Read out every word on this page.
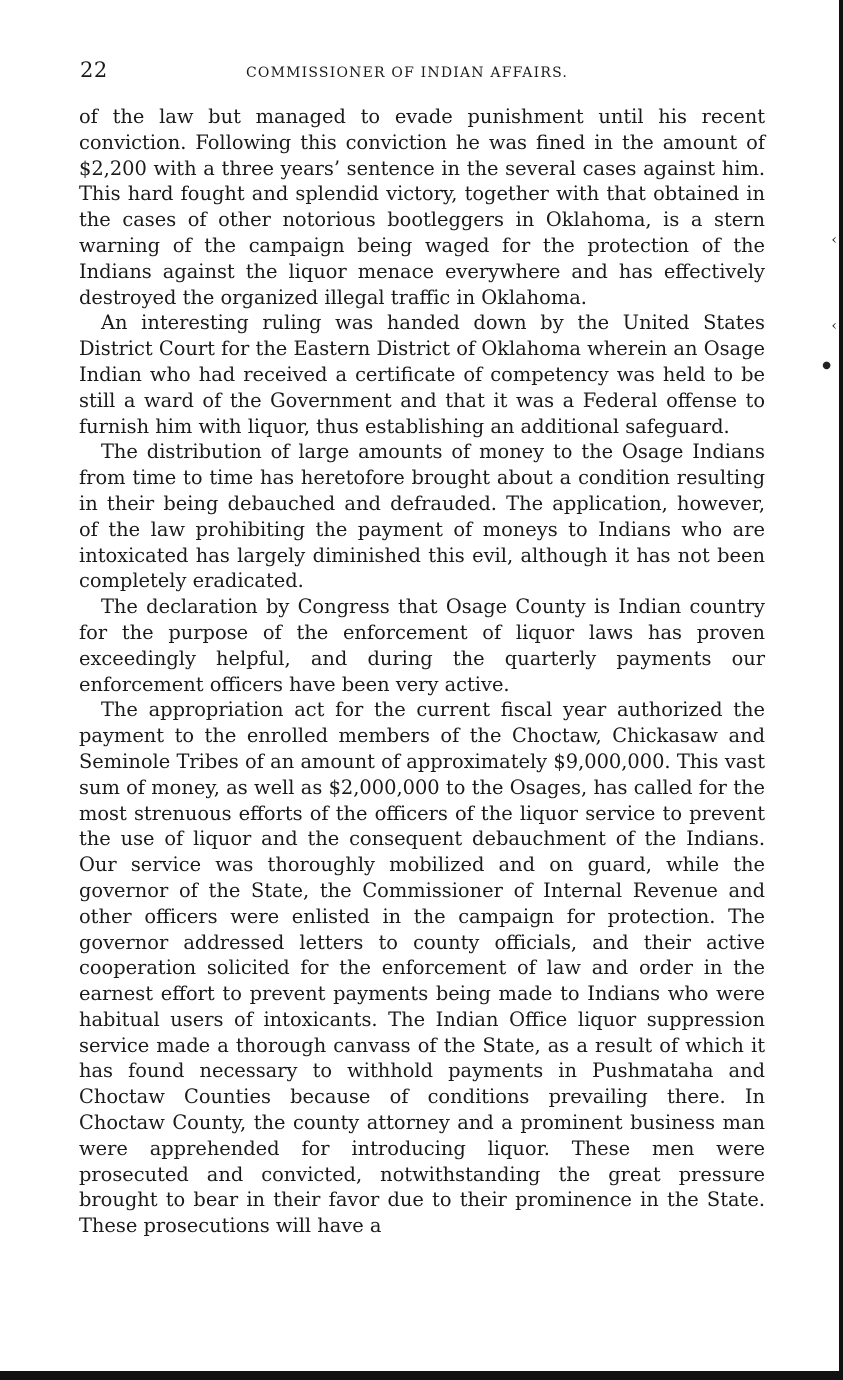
22	COMMISSIONER OF INDIAN AFFAIRS.

of the law but managed to evade punishment until his recent conviction. Following this conviction he was fined in the amount of $2,200 with a three years’ sentence in the several cases against him. This hard fought and splendid victory, together with that obtained in the cases of other notorious bootleggers in Oklahoma, is a stern warning of the campaign being waged for the protection of the Indians against the liquor menace everywhere and has effectively destroyed the organized illegal traffic in Oklahoma.

An interesting ruling was handed down by the United States District Court for the Eastern District of Oklahoma wherein an Osage Indian who had received a certificate of competency was held to be still a ward of the Government and that it was a Federal offense to furnish him with liquor, thus establishing an additional safeguard.

The distribution of large amounts of money to the Osage Indians from time to time has heretofore brought about a condition resulting in their being debauched and defrauded. The application, however, of the law prohibiting the payment of moneys to Indians who are intoxicated has largely diminished this evil, although it has not been completely eradicated.

The declaration by Congress that Osage County is Indian country for the purpose of the enforcement of liquor laws has proven exceedingly helpful, and during the quarterly payments our enforcement officers have been very active.

The appropriation act for the current fiscal year authorized the payment to the enrolled members of the Choctaw, Chickasaw and Seminole Tribes of an amount of approximately $9,000,000. This vast sum of money, as well as $2,000,000 to the Osages, has called for the most strenuous efforts of the officers of the liquor service to prevent the use of liquor and the consequent debauchment of the Indians. Our service was thoroughly mobilized and on guard, while the governor of the State, the Commissioner of Internal Revenue and other officers were enlisted in the campaign for protection. The governor addressed letters to county officials, and their active cooperation solicited for the enforcement of law and order in the earnest effort to prevent payments being made to Indians who were habitual users of intoxicants. The Indian Office liquor suppression service made a thorough canvass of the State, as a result of which it has found necessary to withhold payments in Pushmataha and Choctaw Counties because of conditions prevailing there. In Choctaw County, the county attorney and a prominent business man were apprehended for introducing liquor. These men were prosecuted and convicted, notwithstanding the great pressure brought to bear in their favor due to their prominence in the State. These prosecutions will have a

‹
‹
●
